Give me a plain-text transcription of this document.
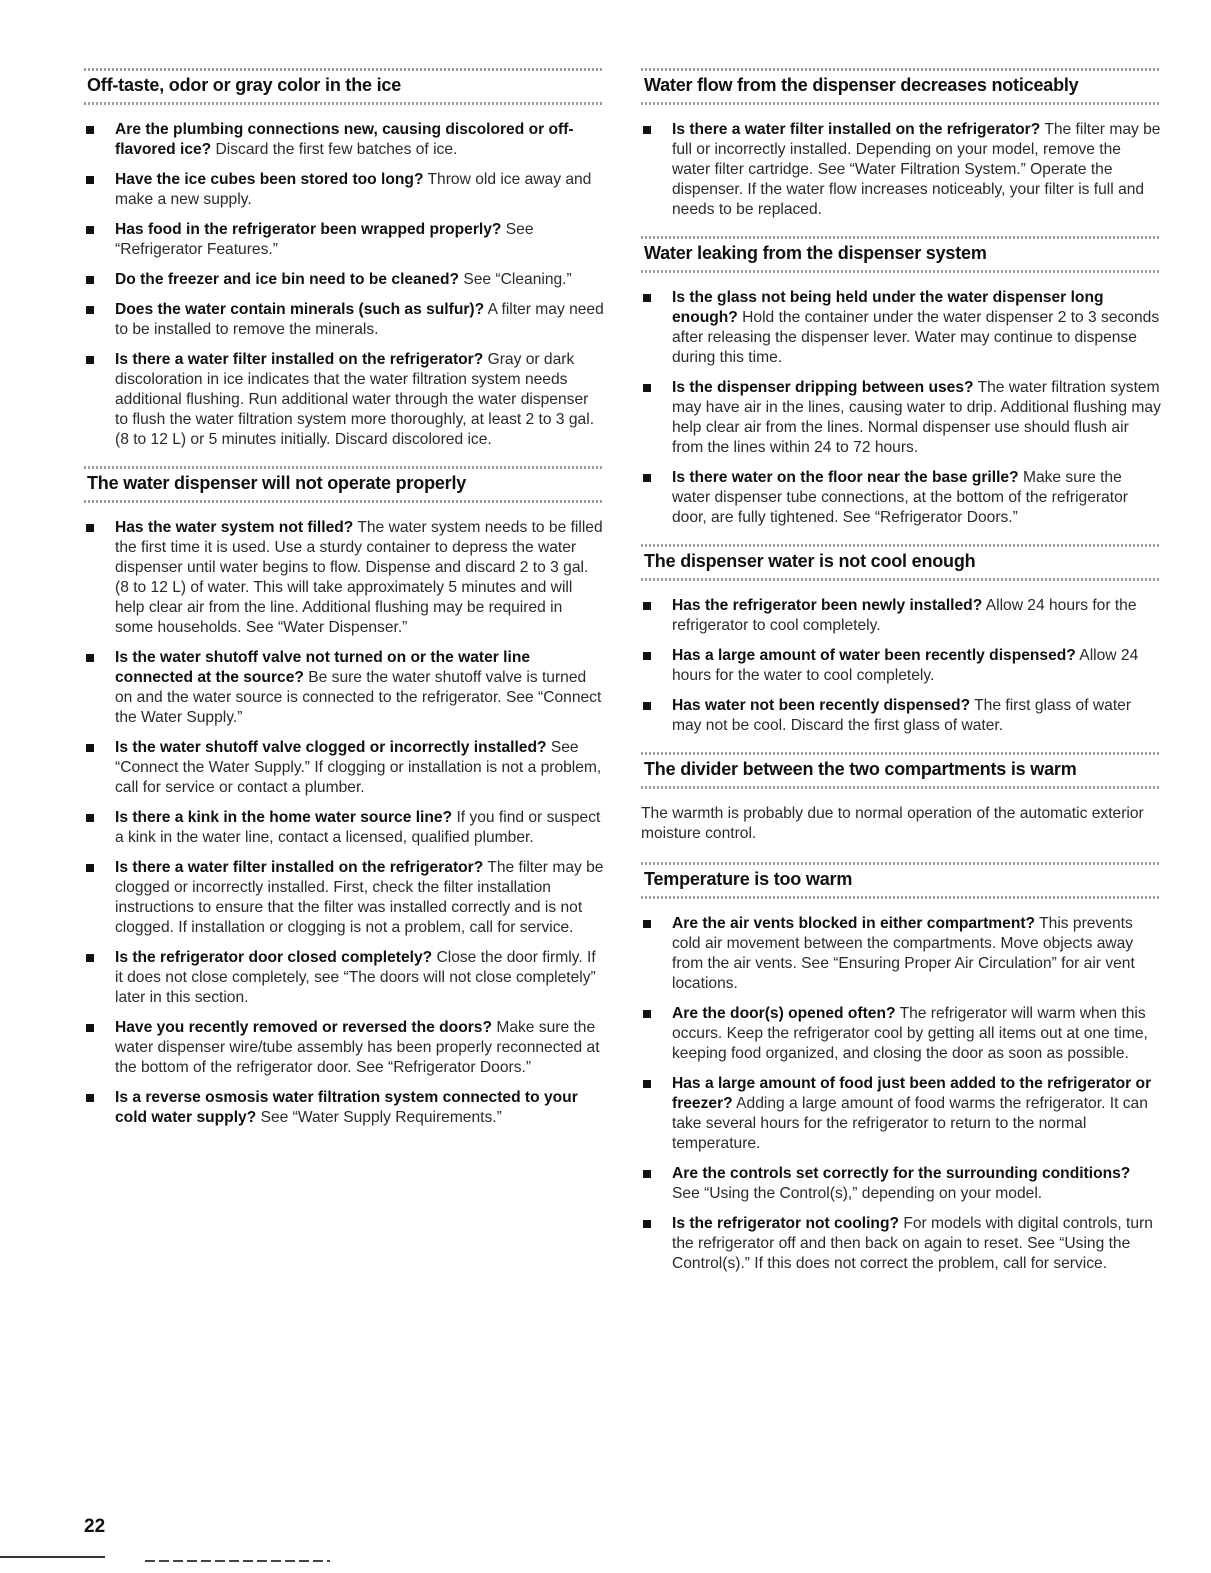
Off-taste, odor or gray color in the ice
Are the plumbing connections new, causing discolored or off-flavored ice? Discard the first few batches of ice.
Have the ice cubes been stored too long? Throw old ice away and make a new supply.
Has food in the refrigerator been wrapped properly? See “Refrigerator Features.”
Do the freezer and ice bin need to be cleaned? See “Cleaning.”
Does the water contain minerals (such as sulfur)? A filter may need to be installed to remove the minerals.
Is there a water filter installed on the refrigerator? Gray or dark discoloration in ice indicates that the water filtration system needs additional flushing. Run additional water through the water dispenser to flush the water filtration system more thoroughly, at least 2 to 3 gal. (8 to 12 L) or 5 minutes initially. Discard discolored ice.
The water dispenser will not operate properly
Has the water system not filled? The water system needs to be filled the first time it is used. Use a sturdy container to depress the water dispenser until water begins to flow. Dispense and discard 2 to 3 gal. (8 to 12 L) of water. This will take approximately 5 minutes and will help clear air from the line. Additional flushing may be required in some households. See “Water Dispenser.”
Is the water shutoff valve not turned on or the water line connected at the source? Be sure the water shutoff valve is turned on and the water source is connected to the refrigerator. See “Connect the Water Supply.”
Is the water shutoff valve clogged or incorrectly installed? See “Connect the Water Supply.” If clogging or installation is not a problem, call for service or contact a plumber.
Is there a kink in the home water source line? If you find or suspect a kink in the water line, contact a licensed, qualified plumber.
Is there a water filter installed on the refrigerator? The filter may be clogged or incorrectly installed. First, check the filter installation instructions to ensure that the filter was installed correctly and is not clogged. If installation or clogging is not a problem, call for service.
Is the refrigerator door closed completely? Close the door firmly. If it does not close completely, see “The doors will not close completely” later in this section.
Have you recently removed or reversed the doors? Make sure the water dispenser wire/tube assembly has been properly reconnected at the bottom of the refrigerator door. See “Refrigerator Doors.”
Is a reverse osmosis water filtration system connected to your cold water supply? See “Water Supply Requirements.”
Water flow from the dispenser decreases noticeably
Is there a water filter installed on the refrigerator? The filter may be full or incorrectly installed. Depending on your model, remove the water filter cartridge. See “Water Filtration System.” Operate the dispenser. If the water flow increases noticeably, your filter is full and needs to be replaced.
Water leaking from the dispenser system
Is the glass not being held under the water dispenser long enough? Hold the container under the water dispenser 2 to 3 seconds after releasing the dispenser lever. Water may continue to dispense during this time.
Is the dispenser dripping between uses? The water filtration system may have air in the lines, causing water to drip. Additional flushing may help clear air from the lines. Normal dispenser use should flush air from the lines within 24 to 72 hours.
Is there water on the floor near the base grille? Make sure the water dispenser tube connections, at the bottom of the refrigerator door, are fully tightened. See “Refrigerator Doors.”
The dispenser water is not cool enough
Has the refrigerator been newly installed? Allow 24 hours for the refrigerator to cool completely.
Has a large amount of water been recently dispensed? Allow 24 hours for the water to cool completely.
Has water not been recently dispensed? The first glass of water may not be cool. Discard the first glass of water.
The divider between the two compartments is warm

The warmth is probably due to normal operation of the automatic exterior moisture control.

Temperature is too warm
Are the air vents blocked in either compartment? This prevents cold air movement between the compartments. Move objects away from the air vents. See “Ensuring Proper Air Circulation” for air vent locations.
Are the door(s) opened often? The refrigerator will warm when this occurs. Keep the refrigerator cool by getting all items out at one time, keeping food organized, and closing the door as soon as possible.
Has a large amount of food just been added to the refrigerator or freezer? Adding a large amount of food warms the refrigerator. It can take several hours for the refrigerator to return to the normal temperature.
Are the controls set correctly for the surrounding conditions? See “Using the Control(s),” depending on your model.
Is the refrigerator not cooling? For models with digital controls, turn the refrigerator off and then back on again to reset. See “Using the Control(s).” If this does not correct the problem, call for service.
22
